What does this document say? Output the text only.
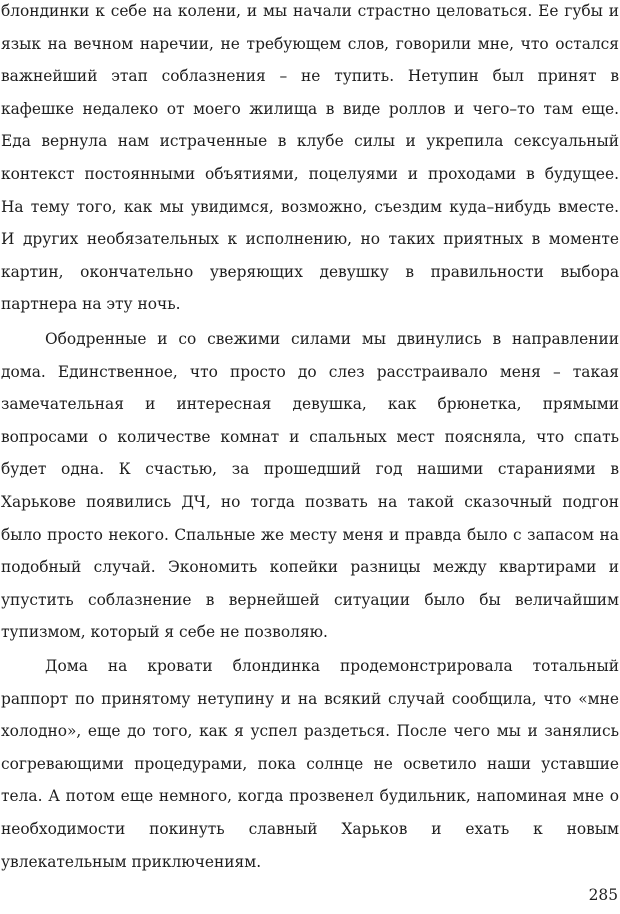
блондинки к себе на колени, и мы начали страстно целоваться. Ее губы и
язык на вечном наречии, не требующем слов, говорили мне, что остался
важнейший этап соблазнения – не тупить. Нетупин был принят в
кафешке недалеко от моего жилища в виде роллов и чего–то там еще.
Еда вернула нам истраченные в клубе силы и укрепила сексуальный
контекст постоянными объятиями, поцелуями и проходами в будущее.
На тему того, как мы увидимся, возможно, съездим куда–нибудь вместе.
И других необязательных к исполнению, но таких приятных в моменте
картин, окончательно уверяющих девушку в правильности выбора
партнера на эту ночь.
Ободренные и со свежими силами мы двинулись в направлении
дома. Единственное, что просто до слез расстраивало меня – такая
замечательная и интересная девушка, как брюнетка, прямыми
вопросами о количестве комнат и спальных мест поясняла, что спать
будет одна. К счастью, за прошедший год нашими стараниями в
Харькове появились ДЧ, но тогда позвать на такой сказочный подгон
было просто некого. Спальные же месту меня и правда было с запасом на
подобный случай. Экономить копейки разницы между квартирами и
упустить соблазнение в вернейшей ситуации было бы величайшим
тупизмом, который я себе не позволяю.
Дома на кровати блондинка продемонстрировала тотальный
раппорт по принятому нетупину и на всякий случай сообщила, что «мне
холодно», еще до того, как я успел раздеться. После чего мы и занялись
согревающими процедурами, пока солнце не осветило наши уставшие
тела. А потом еще немного, когда прозвенел будильник, напоминая мне о
необходимости покинуть славный Харьков и ехать к новым
увлекательным приключениям.
285
